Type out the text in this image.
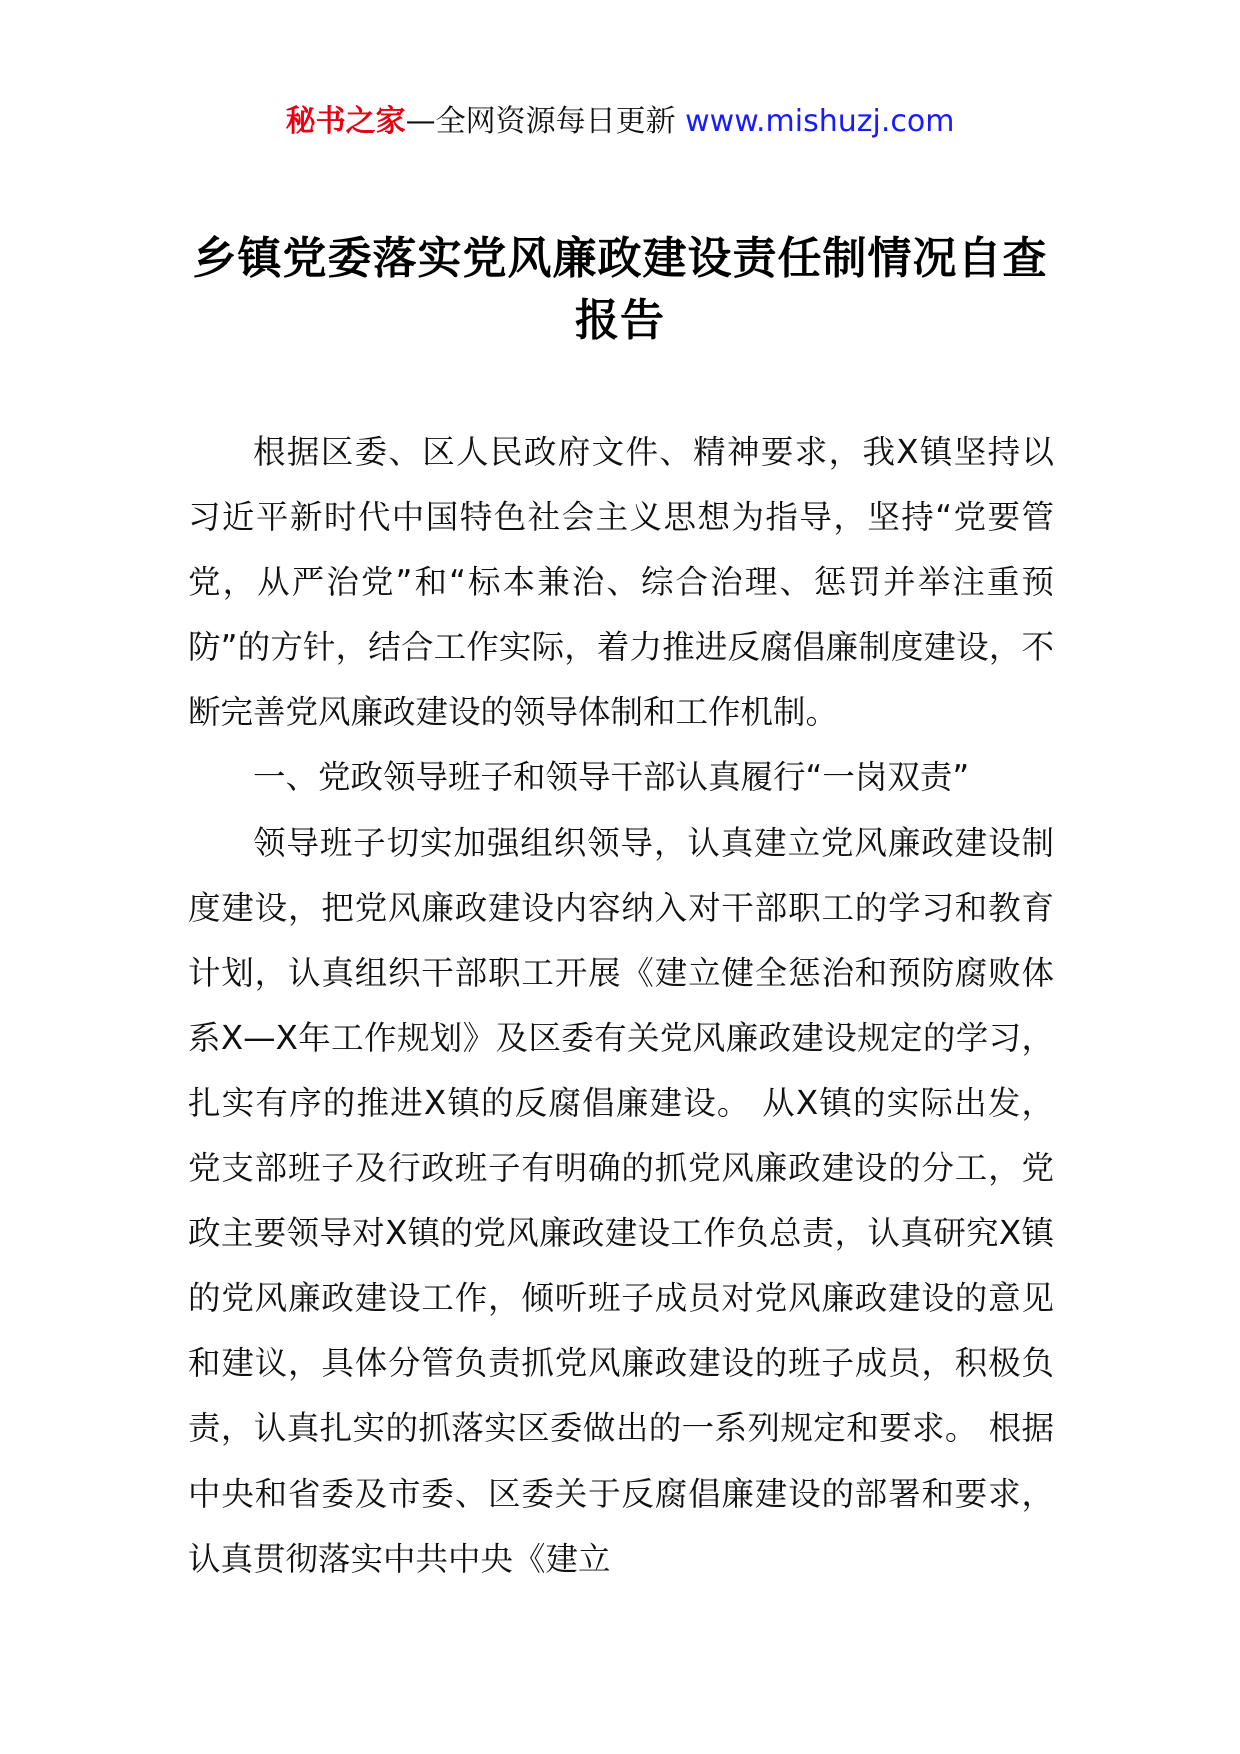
秘书之家—全网资源每日更新 www.mishuzj.com
乡镇党委落实党风廉政建设责任制情况自查报告

根据区委、区人民政府文件、精神要求，我X镇坚持以习近平新时代中国特色社会主义思想为指导，坚持“党要管党，从严治党”和“标本兼治、综合治理、惩罚并举注重预防”的方针，结合工作实际，着力推进反腐倡廉制度建设，不断完善党风廉政建设的领导体制和工作机制。

一、党政领导班子和领导干部认真履行“一岗双责”

领导班子切实加强组织领导，认真建立党风廉政建设制度建设，把党风廉政建设内容纳入对干部职工的学习和教育计划，认真组织干部职工开展《建立健全惩治和预防腐败体系X—X年工作规划》及区委有关党风廉政建设规定的学习，扎实有序的推进X镇的反腐倡廉建设。 从X镇的实际出发，党支部班子及行政班子有明确的抓党风廉政建设的分工，党政主要领导对X镇的党风廉政建设工作负总责，认真研究X镇的党风廉政建设工作，倾听班子成员对党风廉政建设的意见和建议，具体分管负责抓党风廉政建设的班子成员，积极负责，认真扎实的抓落实区委做出的一系列规定和要求。 根据中央和省委及市委、区委关于反腐倡廉建设的部署和要求，认真贯彻落实中共中央《建立
